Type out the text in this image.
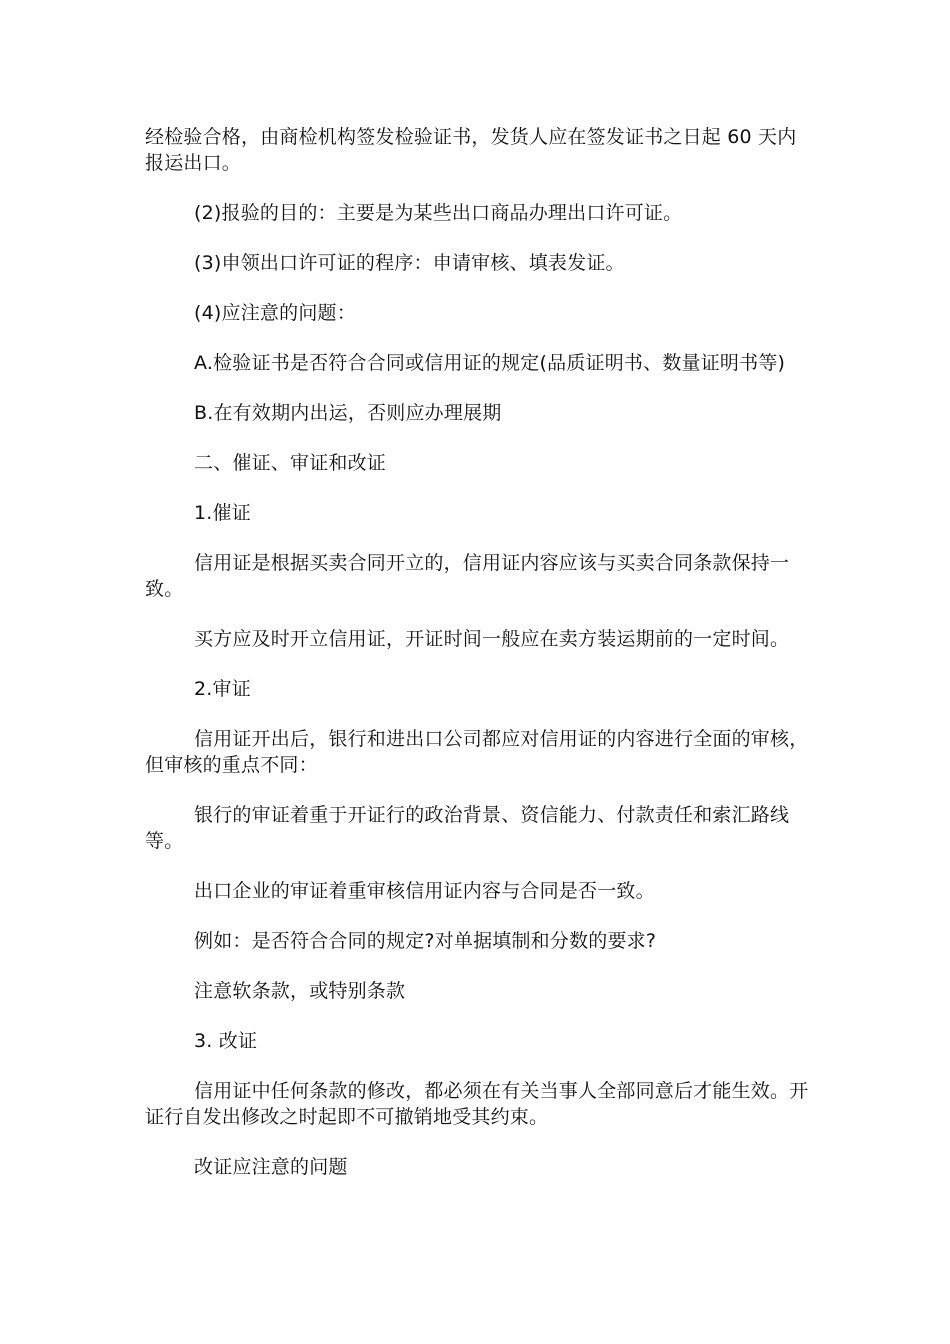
经检验合格，由商检机构签发检验证书，发货人应在签发证书之日起 60 天内报运出口。

(2)报验的目的：主要是为某些出口商品办理出口许可证。

(3)申领出口许可证的程序：申请审核、填表发证。

(4)应注意的问题：

A.检验证书是否符合合同或信用证的规定(品质证明书、数量证明书等)

B.在有效期内出运，否则应办理展期

二、催证、审证和改证

1.催证

信用证是根据买卖合同开立的，信用证内容应该与买卖合同条款保持一致。

买方应及时开立信用证，开证时间一般应在卖方装运期前的一定时间。

2.审证

信用证开出后，银行和进出口公司都应对信用证的内容进行全面的审核，但审核的重点不同：

银行的审证着重于开证行的政治背景、资信能力、付款责任和索汇路线等。

出口企业的审证着重审核信用证内容与合同是否一致。

例如：是否符合合同的规定?对单据填制和分数的要求?

注意软条款，或特别条款

3. 改证

信用证中任何条款的修改，都必须在有关当事人全部同意后才能生效。开证行自发出修改之时起即不可撤销地受其约束。

改证应注意的问题
